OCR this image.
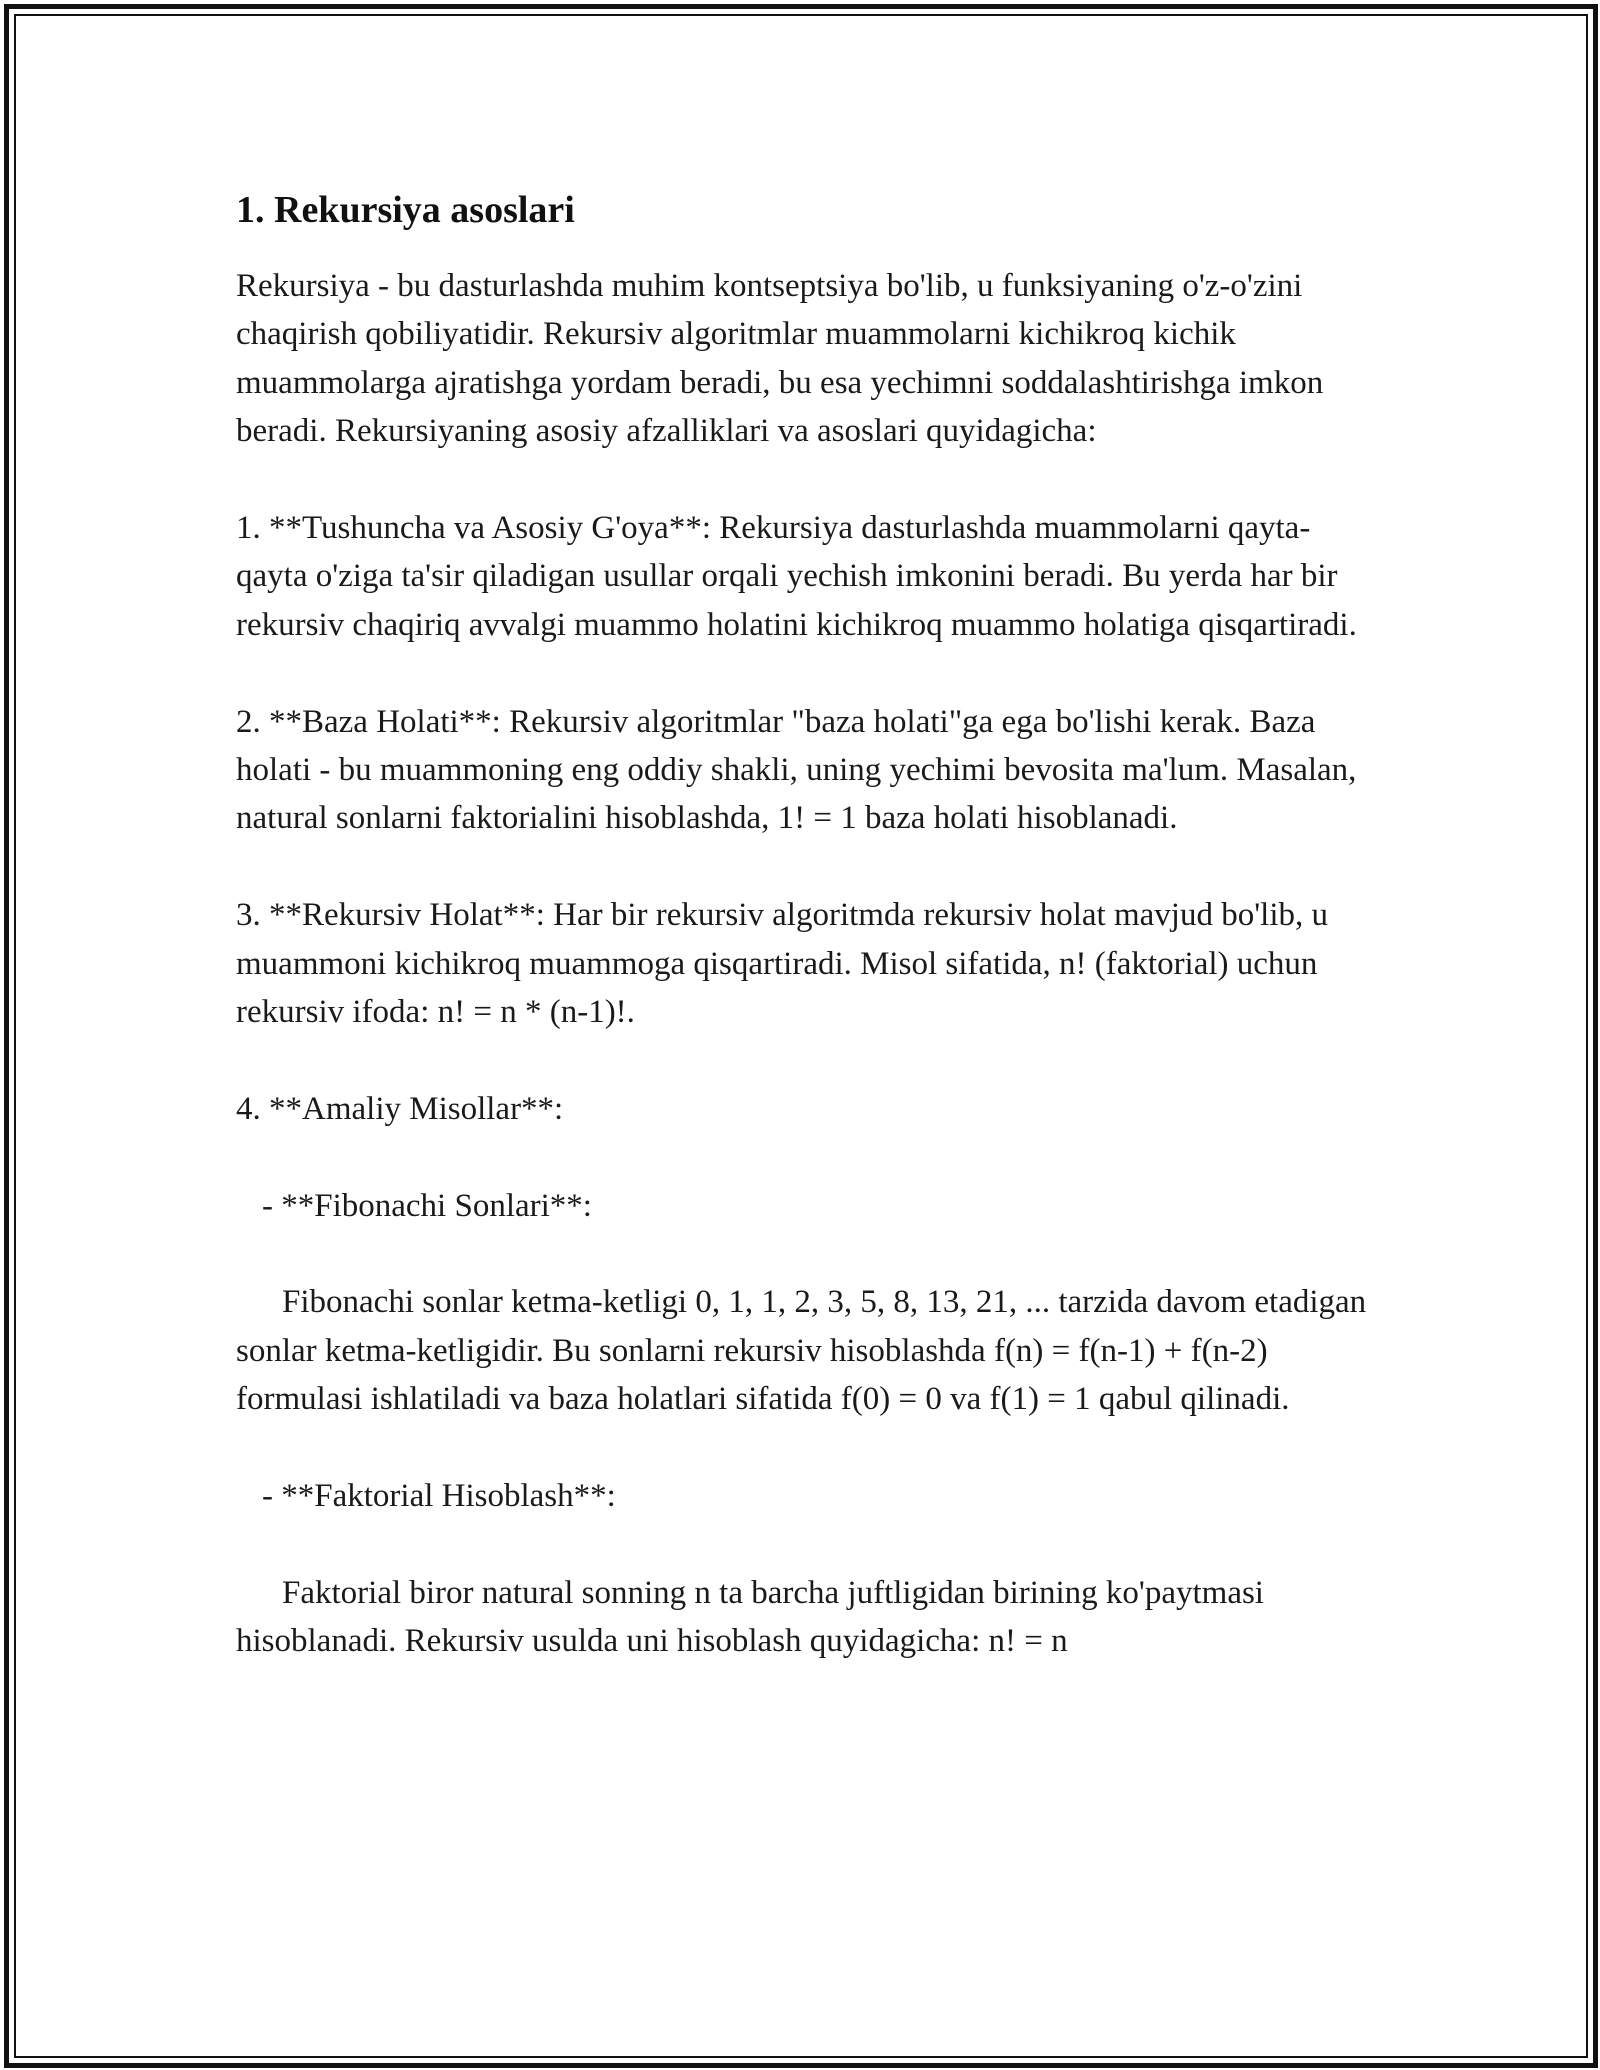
1. Rekursiya asoslari

Rekursiya - bu dasturlashda muhim kontseptsiya bo'lib, u funksiyaning o'z-o'zini chaqirish qobiliyatidir. Rekursiv algoritmlar muammolarni kichikroq kichik muammolarga ajratishga yordam beradi, bu esa yechimni soddalashtirishga imkon beradi. Rekursiyaning asosiy afzalliklari va asoslari quyidagicha:

1. **Tushuncha va Asosiy G'oya**: Rekursiya dasturlashda muammolarni qayta-qayta o'ziga ta'sir qiladigan usullar orqali yechish imkonini beradi. Bu yerda har bir rekursiv chaqiriq avvalgi muammo holatini kichikroq muammo holatiga qisqartiradi.

2. **Baza Holati**: Rekursiv algoritmlar "baza holati"ga ega bo'lishi kerak. Baza holati - bu muammoning eng oddiy shakli, uning yechimi bevosita ma'lum. Masalan, natural sonlarni faktorialini hisoblashda, 1! = 1 baza holati hisoblanadi.

3. **Rekursiv Holat**: Har bir rekursiv algoritmda rekursiv holat mavjud bo'lib, u muammoni kichikroq muammoga qisqartiradi. Misol sifatida, n! (faktorial) uchun rekursiv ifoda: n! = n * (n-1)!.

4. **Amaliy Misollar**:

- **Fibonachi Sonlari**:

Fibonachi sonlar ketma-ketligi 0, 1, 1, 2, 3, 5, 8, 13, 21, ... tarzida davom etadigan sonlar ketma-ketligidir. Bu sonlarni rekursiv hisoblashda f(n) = f(n-1) + f(n-2) formulasi ishlatiladi va baza holatlari sifatida f(0) = 0 va f(1) = 1 qabul qilinadi.

- **Faktorial Hisoblash**:

Faktorial biror natural sonning n ta barcha juftligidan birining ko'paytmasi hisoblanadi. Rekursiv usulda uni hisoblash quyidagicha: n! = n
